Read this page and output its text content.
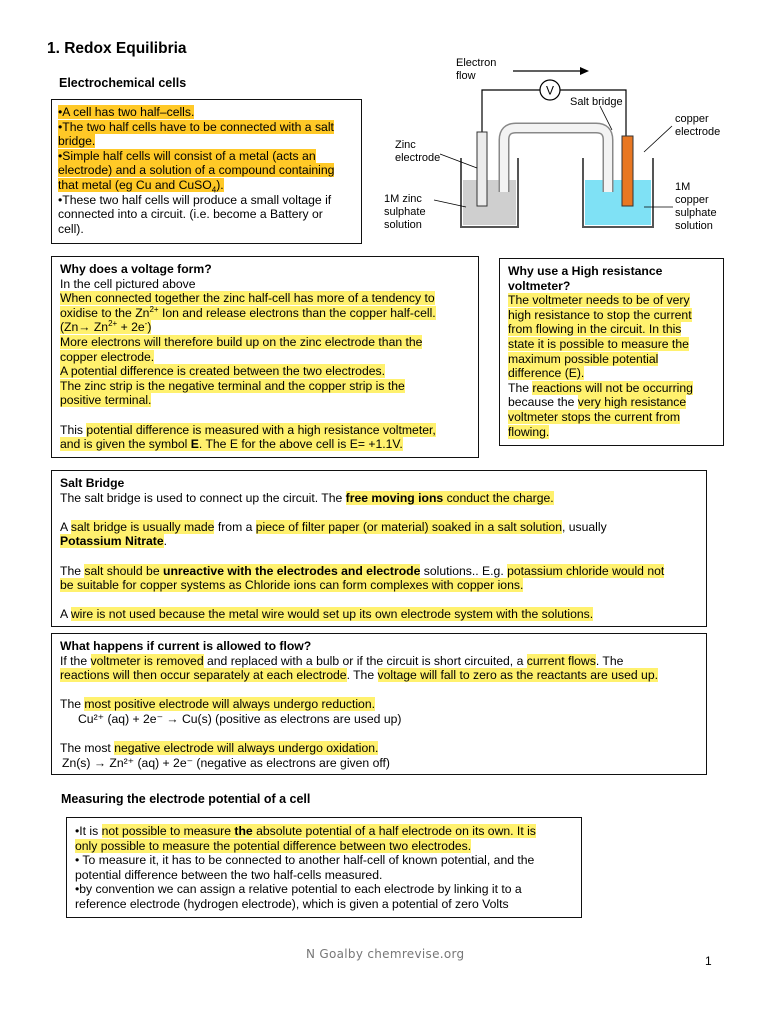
1. Redox Equilibria
Electrochemical cells
•A cell has two half–cells.
•The two half cells have to be connected with a salt
bridge.
•Simple half cells will consist of a metal (acts an
electrode) and a solution of a compound containing
that metal (eg Cu and CuSO$_4$).
•These two half cells will produce a small voltage if
connected into a circuit. (i.e. become a Battery or
cell).
V
Electron
flow
Salt bridge
copper
electrode
Zinc
electrode
1M zinc
sulphate
solution
1M
copper
sulphate
solution
Why does a voltage form?
In the cell pictured above
When connected together the zinc half-cell has more of a tendency to
oxidise to the $Zn^{2+}$ Ion and release electrons than the copper half-cell.
$(Zn\to Zn^{2+} + 2e^-)$
More electrons will therefore build up on the zinc electrode than the
copper electrode.
A potential difference is created between the two electrodes.
The zinc strip is the negative terminal and the copper strip is the
positive terminal.
This potential difference is measured with a high resistance voltmeter,
and is given the symbol E. The E for the above cell is E= +1.1V.
Why use a High resistance
voltmeter?
The voltmeter needs to be of very
high resistance to stop the current
from flowing in the circuit. In this
state it is possible to measure the
maximum possible potential
difference (E).
The reactions will not be occurring
because the very high resistance
voltmeter stops the current from
flowing.
Salt Bridge

The salt bridge is used to connect up the circuit. The free moving ions conduct the charge.

A salt bridge is usually made from a piece of filter paper (or material) soaked in a salt solution, usually
Potassium Nitrate.

The salt should be unreactive with the electrodes and electrode solutions.. E.g. potassium chloride would not
be suitable for copper systems as Chloride ions can form complexes with copper ions.

A wire is not used because the metal wire would set up its own electrode system with the solutions.

What happens if current is allowed to flow?
If the voltmeter is removed and replaced with a bulb or if the circuit is short circuited, a current flows. The
reactions will then occur separately at each electrode. The voltage will fall to zero as the reactants are used up.
The most positive electrode will always undergo reduction.
Cu²⁺ (aq) + 2e⁻ → Cu(s) (positive as electrons are used up)
The most negative electrode will always undergo oxidation.
Zn(s) → Zn²⁺ (aq) + 2e⁻ (negative as electrons are given off)
Measuring the electrode potential of a cell
•It is not possible to measure the absolute potential of a half electrode on its own. It is
only possible to measure the potential difference between two electrodes.
• To measure it, it has to be connected to another half-cell of known potential, and the
potential difference between the two half-cells measured.
•by convention we can assign a relative potential to each electrode by linking it to a
reference electrode (hydrogen electrode), which is given a potential of zero Volts
N Goalby chemrevise.org	1
